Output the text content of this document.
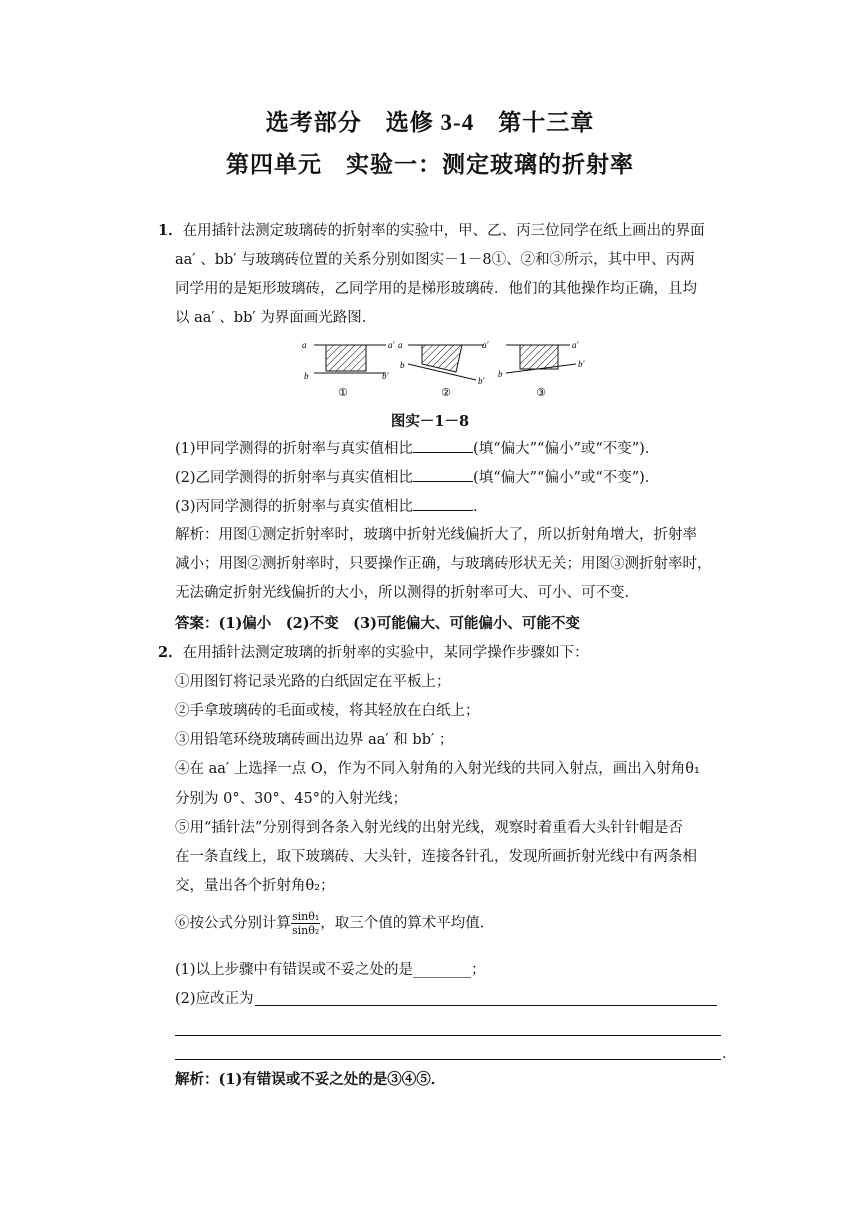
选考部分　选修 3-4　第十三章
第四单元　实验一：测定玻璃的折射率
1．在用插针法测定玻璃砖的折射率的实验中，甲、乙、丙三位同学在纸上画出的界面
aa′ 、bb′ 与玻璃砖位置的关系分别如图实－1－8①、②和③所示，其中甲、丙两
同学用的是矩形玻璃砖，乙同学用的是梯形玻璃砖．他们的其他操作均正确，且均
以 aa′ 、bb′ 为界面画光路图．
a	a′
b	b′
①
a	a′
b
b′
②
a′
b′
b
③
图实－1－8
(1)甲同学测得的折射率与真实值相比	(填“偏大”“偏小”或“不变”)．
(2)乙同学测得的折射率与真实值相比	(填“偏大”“偏小”或“不变”)．
(3)丙同学测得的折射率与真实值相比	．
解析：用图①测定折射率时，玻璃中折射光线偏折大了，所以折射角增大，折射率
减小；用图②测折射率时，只要操作正确，与玻璃砖形状无关；用图③测折射率时，
无法确定折射光线偏折的大小，所以测得的折射率可大、可小、可不变．
答案：(1)偏小　(2)不变　(3)可能偏大、可能偏小、可能不变
2．在用插针法测定玻璃的折射率的实验中，某同学操作步骤如下：
①用图钉将记录光路的白纸固定在平板上；
②手拿玻璃砖的毛面或棱，将其轻放在白纸上；
③用铅笔环绕玻璃砖画出边界 aa′ 和 bb′ ；
④在 aa′ 上选择一点 O，作为不同入射角的入射光线的共同入射点，画出入射角θ₁
分别为 0°、30°、45°的入射光线；
⑤用“插针法”分别得到各条入射光线的出射光线，观察时着重看大头针针帽是否
在一条直线上，取下玻璃砖、大头针，连接各针孔，发现所画折射光线中有两条相
交，量出各个折射角θ₂；
⑥按公式分别计算 $\frac{\text{sinθ₁}}{\text{sinθ₂}}$ ，取三个值的算术平均值．
(1)以上步骤中有错误或不妥之处的是________；
(2)应改正为
．
解析：(1)有错误或不妥之处的是③④⑤．
